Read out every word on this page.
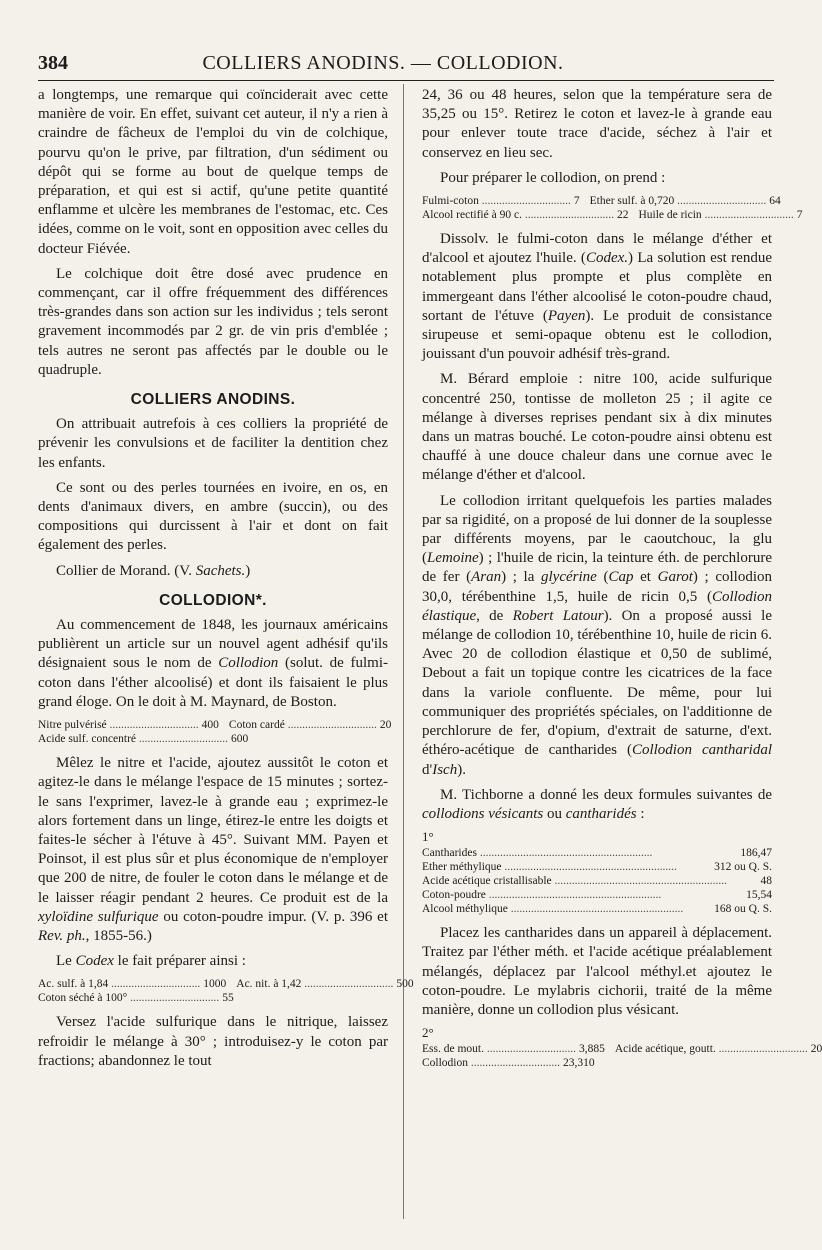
384	COLLIERS ANODINS. — COLLODION.

a longtemps, une remarque qui coïnciderait avec cette manière de voir. En effet, suivant cet auteur, il n'y a rien à craindre de fâcheux de l'emploi du vin de colchique, pourvu qu'on le prive, par filtration, d'un sédiment ou dépôt qui se forme au bout de quelque temps de préparation, et qui est si actif, qu'une petite quantité enflamme et ulcère les membranes de l'estomac, etc. Ces idées, comme on le voit, sont en opposition avec celles du docteur Fiévée.

Le colchique doit être dosé avec prudence en commençant, car il offre fréquemment des différences très-grandes dans son action sur les individus ; tels seront gravement incommodés par 2 gr. de vin pris d'emblée ; tels autres ne seront pas affectés par le double ou le quadruple.

COLLIERS ANODINS.

On attribuait autrefois à ces colliers la propriété de prévenir les convulsions et de faciliter la dentition chez les enfants.

Ce sont ou des perles tournées en ivoire, en os, en dents d'animaux divers, en ambre (succin), ou des compositions qui durcissent à l'air et dont on fait également des perles.

Collier de Morand. (V. Sachets.)

COLLODION*.

Au commencement de 1848, les journaux américains publièrent un article sur un nouvel agent adhésif qu'ils désignaient sous le nom de Collodion (solut. de fulmi-coton dans l'éther alcoolisé) et dont ils faisaient le plus grand éloge. On le doit à M. Maynard, de Boston.

Nitre pulvérisé .....	400 Coton cardé .....	20
Acide sulf. concentré .....	600

Mêlez le nitre et l'acide, ajoutez aussitôt le coton et agitez-le dans le mélange l'espace de 15 minutes ; sortez-le sans l'exprimer, lavez-le à grande eau ; exprimez-le alors fortement dans un linge, étirez-le entre les doigts et faites-le sécher à l'étuve à 45°. Suivant MM. Payen et Poinsot, il est plus sûr et plus économique de n'employer que 200 de nitre, de fouler le coton dans le mélange et de le laisser réagir pendant 2 heures. Ce produit est de la xyloïdine sulfurique ou coton-poudre impur. (V. p. 396 et Rev. ph., 1855-56.)

Le Codex le fait préparer ainsi :

Ac. sulf. à 1,84 .....	1000 Ac. nit. à 1,42 .....	500
Coton séché à 100° .....	55

Versez l'acide sulfurique dans le nitrique, laissez refroidir le mélange à 30° ; introduisez-y le coton par fractions; abandonnez le tout

24, 36 ou 48 heures, selon que la température sera de 35,25 ou 15°. Retirez le coton et lavez-le à grande eau pour enlever toute trace d'acide, séchez à l'air et conservez en lieu sec.

Pour préparer le collodion, on prend :

Fulmi-coton .....	7 Ether sulf. à 0,720 .....	64
Alcool rectifié à 90 c. .....	22 Huile de ricin .....	7

Dissolv. le fulmi-coton dans le mélange d'éther et d'alcool et ajoutez l'huile. (Codex.) La solution est rendue notablement plus prompte et plus complète en immergeant dans l'éther alcoolisé le coton-poudre chaud, sortant de l'étuve (Payen). Le produit de consistance sirupeuse et semi-opaque obtenu est le collodion, jouissant d'un pouvoir adhésif très-grand.

M. Bérard emploie : nitre 100, acide sulfurique concentré 250, tontisse de molleton 25 ; il agite ce mélange à diverses reprises pendant six à dix minutes dans un matras bouché. Le coton-poudre ainsi obtenu est chauffé à une douce chaleur dans une cornue avec le mélange d'éther et d'alcool.

Le collodion irritant quelquefois les parties malades par sa rigidité, on a proposé de lui donner de la souplesse par différents moyens, par le caoutchouc, la glu (Lemoine) ; l'huile de ricin, la teinture éth. de perchlorure de fer (Aran) ; la glycérine (Cap et Garot) ; collodion 30,0, térébenthine 1,5, huile de ricin 0,5 (Collodion élastique, de Robert Latour). On a proposé aussi le mélange de collodion 10, térébenthine 10, huile de ricin 6. Avec 20 de collodion élastique et 0,50 de sublimé, Debout a fait un topique contre les cicatrices de la face dans la variole confluente. De même, pour lui communiquer des propriétés spéciales, on l'additionne de perchlorure de fer, d'opium, d'extrait de saturne, d'ext. éthéro-acétique de cantharides (Collodion cantharidal d'Isch).

M. Tichborne a donné les deux formules suivantes de collodions vésicants ou cantharidés :

1°
Cantharides .....	186,47
Ether méthylique .....	312 ou Q. S.
Acide acétique cristallisable .....	48
Coton-poudre .....	15,54
Alcool méthylique .....	168 ou Q. S.

Placez les cantharides dans un appareil à déplacement. Traitez par l'éther méth. et l'acide acétique préalablement mélangés, déplacez par l'alcool méthyl.et ajoutez le coton-poudre. Le mylabris cichorii, traité de la même manière, donne un collodion plus vésicant.

2°
Ess. de mout. .....	3,885 Acide acétique, goutt. .....	20
Collodion .....	23,310
